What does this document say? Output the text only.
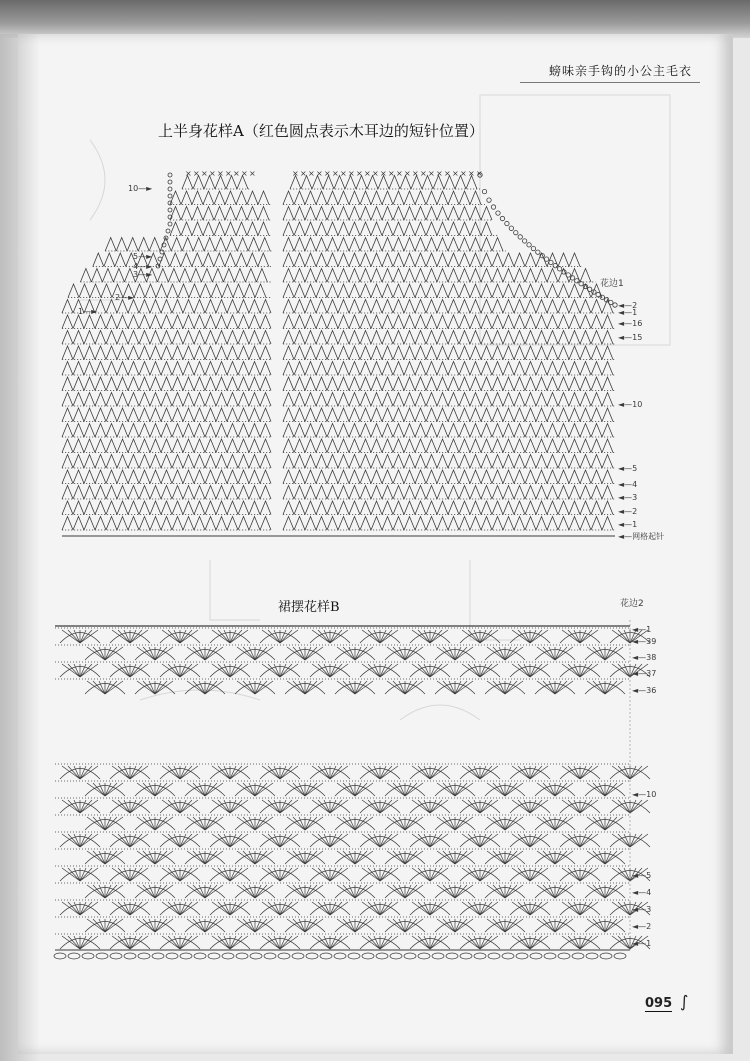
螃味亲手钩的小公主毛衣
上半身花样A（红色圆点表示木耳边的短针位置）
裙摆花样B
× × × × × × × × ×	× × × × × × × × × × × × × × × × × × × × × × × ×
◄—2
◄—1
◄—16
◄—15
◄—10
◄—5
◄—4
◄—3
◄—2
◄—1
10—►
5—►
4—►
3—►
2—►
1—►
花边1
◄—网格起针
◄—1
◄—39
◄—38
◄—37
◄—36
◄—10
◄—5
◄—4
◄—3
◄—2
◄—1
花边2
095 ∫
